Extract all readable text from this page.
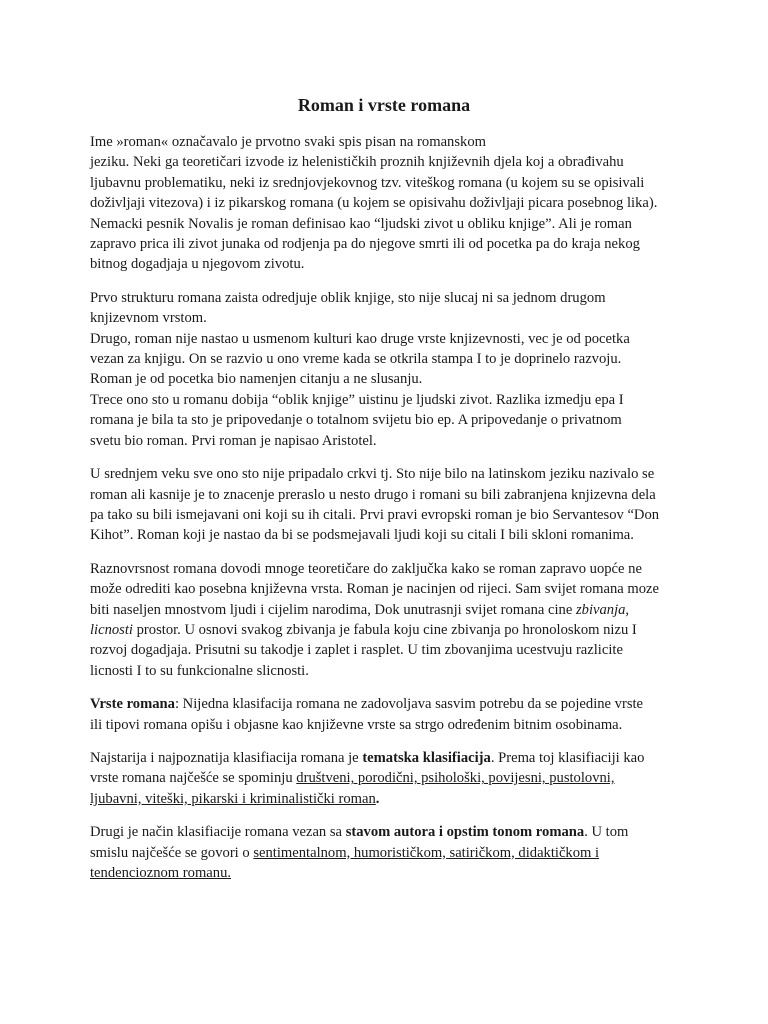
Roman i vrste romana

Ime »roman« označavalo je prvotno svaki spis pisan na romanskom
jeziku. Neki ga teoretičari izvode iz helenističkih proznih književnih djela koj a obrađivahu
ljubavnu problematiku, neki iz srednjovjekovnog tzv. viteškog romana (u kojem su se opisivali
doživljaji vitezova) i iz pikarskog romana (u kojem se opisivahu doživljaji picara posebnog lika).
Nemacki pesnik Novalis je roman definisao kao “ljudski zivot u obliku knjige”. Ali je roman
zapravo prica ili zivot junaka od rodjenja pa do njegove smrti ili od pocetka pa do kraja nekog
bitnog dogadjaja u njegovom zivotu.

Prvo strukturu romana zaista odredjuje oblik knjige, sto nije slucaj ni sa jednom drugom
knjizevnom vrstom.
Drugo, roman nije nastao u usmenom kulturi kao druge vrste knjizevnosti, vec je od pocetka
vezan za knjigu. On se razvio u ono vreme kada se otkrila stampa I to je doprinelo razvoju.
Roman je od pocetka bio namenjen citanju a ne slusanju.
Trece ono sto u romanu dobija “oblik knjige” uistinu je ljudski zivot. Razlika izmedju epa I
romana je bila ta sto je pripovedanje o totalnom svijetu bio ep. A pripovedanje o privatnom
svetu bio roman. Prvi roman je napisao Aristotel.

U srednjem veku sve ono sto nije pripadalo crkvi tj. Sto nije bilo na latinskom jeziku nazivalo se
roman ali kasnije je to znacenje preraslo u nesto drugo i romani su bili zabranjena knjizevna dela
pa tako su bili ismejavani oni koji su ih citali. Prvi pravi evropski roman je bio Servantesov “Don
Kihot”. Roman koji je nastao da bi se podsmejavali ljudi koji su citali I bili skloni romanima.

Raznovrsnost romana dovodi mnoge teoretičare do zaključka kako se roman zapravo uopće ne
može odrediti kao posebna književna vrsta. Roman je nacinjen od rijeci. Sam svijet romana moze
biti naseljen mnostvom ljudi i cijelim narodima, Dok unutrasnji svijet romana cine zbivanja,
licnosti prostor. U osnovi svakog zbivanja je fabula koju cine zbivanja po hronoloskom nizu I
rozvoj dogadjaja. Prisutni su takodje i zaplet i rasplet. U tim zbovanjima ucestvuju razlicite
licnosti I to su funkcionalne slicnosti.

Vrste romana: Nijedna klasifacija romana ne zadovoljava sasvim potrebu da se pojedine vrste
ili tipovi romana opišu i objasne kao književne vrste sa strgo određenim bitnim osobinama.

Najstarija i najpoznatija klasifiacija romana je tematska klasifiacija. Prema toj klasifiaciji kao
vrste romana najčešće se spominju društveni, porodični, psihološki, povijesni, pustolovni,
ljubavni, viteški, pikarski i kriminalistički roman.

Drugi je način klasifiacije romana vezan sa stavom autora i opstim tonom romana. U tom
smislu najčešće se govori o sentimentalnom, humorističkom, satiričkom, didaktičkom i
tendencioznom romanu.
